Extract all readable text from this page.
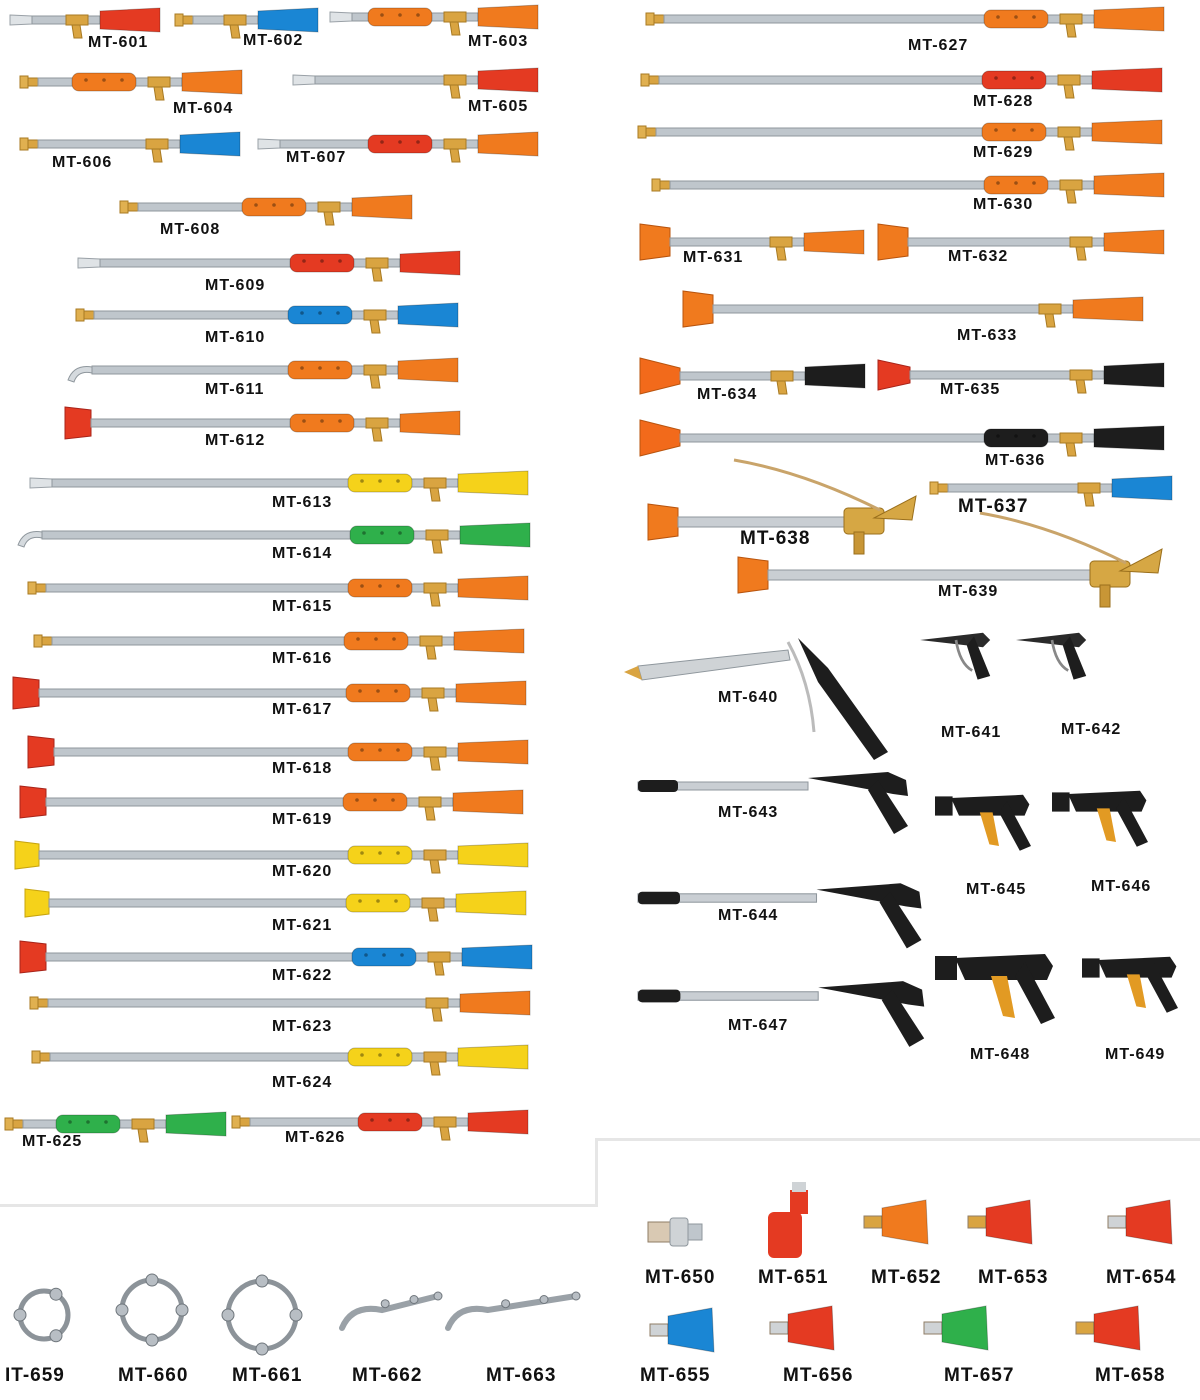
MT-601	MT-602	MT-603
MT-604	MT-605
MT-606	MT-607
MT-608
MT-609
MT-610
MT-611
MT-612
MT-613
MT-614
MT-615
MT-616
MT-617
MT-618
MT-619
MT-620
MT-621
MT-622
MT-623
MT-624
MT-625	MT-626
MT-627
MT-628
MT-629
MT-630
MT-631	MT-632
MT-633
MT-634	MT-635
MT-636
MT-637
MT-638
MT-639
MT-640
MT-641	MT-642
MT-643
MT-644
MT-645	MT-646
MT-647
MT-648	MT-649
MT-650 MT-651 MT-652 MT-653	MT-654
MT-655	MT-656	MT-657	MT-658
ІT-659	MT-660 MT-661	MT-662	MT-663
